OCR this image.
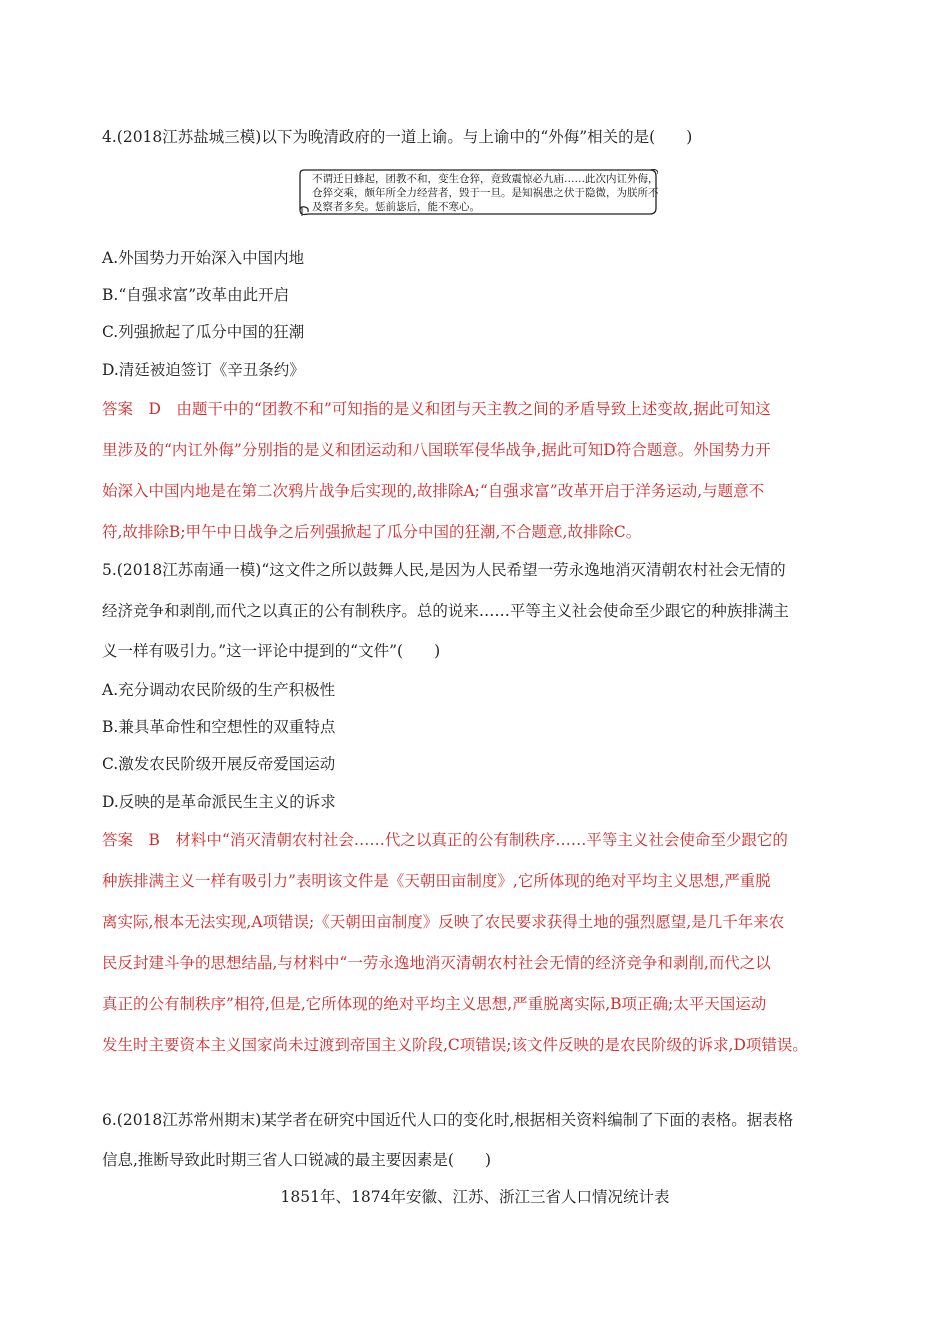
4.(2018江苏盐城三模)以下为晚清政府的一道上谕。与上谕中的“外侮”相关的是(　　)
不谓迁日蜂起，团教不和，变生仓猝，竟致震惊必九庙……此次内讧外侮，
仓猝交乘，颇年所全力经营者，毁于一旦。是知祸患之伏于隐微，为朕所不
及察者多矣。惩前毖后，能不寒心。
A.外国势力开始深入中国内地
B.“自强求富”改革由此开启
C.列强掀起了瓜分中国的狂潮
D.清廷被迫签订《辛丑条约》
答案　D　由题干中的“团教不和”可知指的是义和团与天主教之间的矛盾导致上述变故,据此可知这
里涉及的“内讧外侮”分别指的是义和团运动和八国联军侵华战争,据此可知D符合题意。外国势力开
始深入中国内地是在第二次鸦片战争后实现的,故排除A;“自强求富”改革开启于洋务运动,与题意不
符,故排除B;甲午中日战争之后列强掀起了瓜分中国的狂潮,不合题意,故排除C。
5.(2018江苏南通一模)“这文件之所以鼓舞人民,是因为人民希望一劳永逸地消灭清朝农村社会无情的
经济竞争和剥削,而代之以真正的公有制秩序。总的说来……平等主义社会使命至少跟它的种族排满主
义一样有吸引力。”这一评论中提到的“文件”(　　)
A.充分调动农民阶级的生产积极性
B.兼具革命性和空想性的双重特点
C.激发农民阶级开展反帝爱国运动
D.反映的是革命派民生主义的诉求
答案　B　材料中“消灭清朝农村社会……代之以真正的公有制秩序……平等主义社会使命至少跟它的
种族排满主义一样有吸引力”表明该文件是《天朝田亩制度》,它所体现的绝对平均主义思想,严重脱
离实际,根本无法实现,A项错误;《天朝田亩制度》反映了农民要求获得土地的强烈愿望,是几千年来农
民反封建斗争的思想结晶,与材料中“一劳永逸地消灭清朝农村社会无情的经济竞争和剥削,而代之以
真正的公有制秩序”相符,但是,它所体现的绝对平均主义思想,严重脱离实际,B项正确;太平天国运动
发生时主要资本主义国家尚未过渡到帝国主义阶段,C项错误;该文件反映的是农民阶级的诉求,D项错误。
6.(2018江苏常州期末)某学者在研究中国近代人口的变化时,根据相关资料编制了下面的表格。据表格
信息,推断导致此时期三省人口锐减的最主要因素是(　　)
1851年、1874年安徽、江苏、浙江三省人口情况统计表
